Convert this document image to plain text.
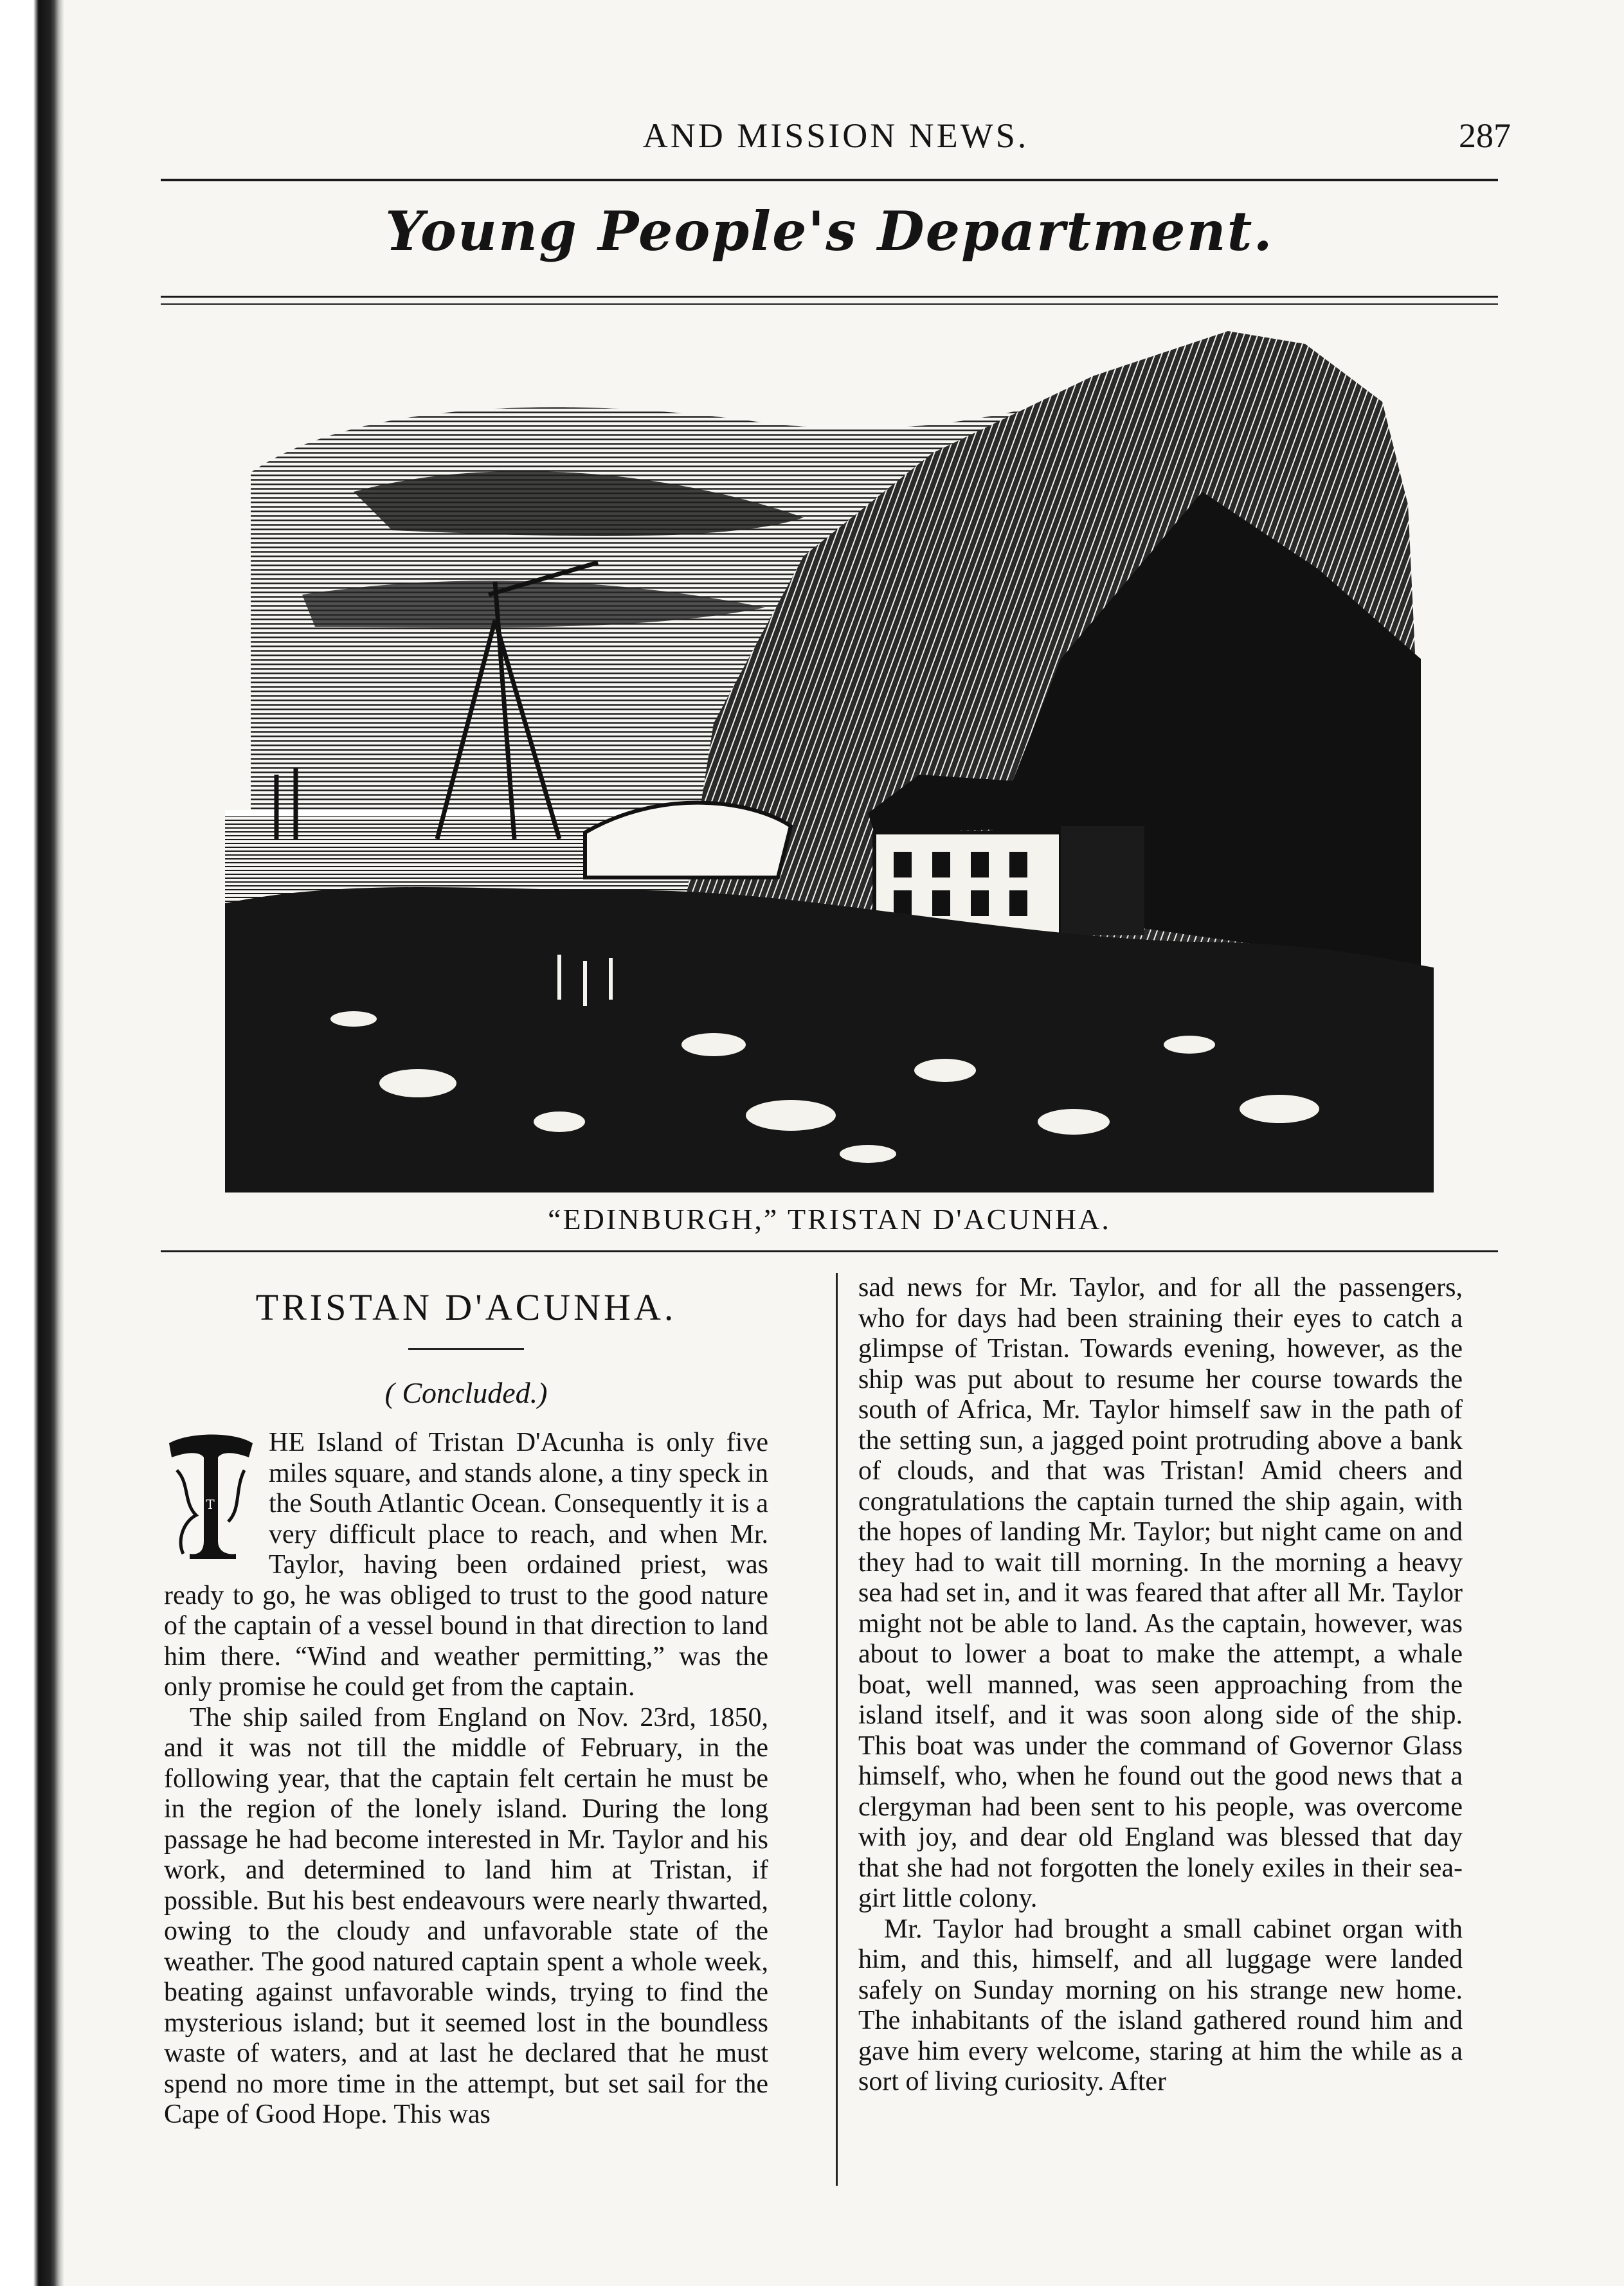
AND MISSION NEWS.	287
Young People's Department.
“EDINBURGH,” TRISTAN D'ACUNHA.
TRISTAN D'ACUNHA.
( Concluded.)
T

HE Island of Tristan D'Acunha is only five miles square, and stands alone, a tiny speck in the South Atlantic Ocean. Consequently it is a very difficult place to reach, and when Mr. Taylor, having been ordained priest, was ready to go, he was obliged to trust to the good nature of the captain of a vessel bound in that direction to land him there. “Wind and weather permitting,” was the only promise he could get from the captain.

The ship sailed from England on Nov. 23rd, 1850, and it was not till the middle of February, in the following year, that the captain felt certain he must be in the region of the lonely island. During the long passage he had become interested in Mr. Taylor and his work, and determined to land him at Tristan, if possible. But his best endeavours were nearly thwarted, owing to the cloudy and unfavorable state of the weather. The good natured captain spent a whole week, beating against unfavorable winds, trying to find the mysterious island; but it seemed lost in the boundless waste of waters, and at last he declared that he must spend no more time in the attempt, but set sail for the Cape of Good Hope. This was

sad news for Mr. Taylor, and for all the passengers, who for days had been straining their eyes to catch a glimpse of Tristan. Towards evening, however, as the ship was put about to resume her course towards the south of Africa, Mr. Taylor himself saw in the path of the setting sun, a jagged point protruding above a bank of clouds, and that was Tristan! Amid cheers and congratulations the captain turned the ship again, with the hopes of landing Mr. Taylor; but night came on and they had to wait till morning. In the morning a heavy sea had set in, and it was feared that after all Mr. Taylor might not be able to land. As the captain, however, was about to lower a boat to make the attempt, a whale boat, well manned, was seen approaching from the island itself, and it was soon along side of the ship. This boat was under the command of Governor Glass himself, who, when he found out the good news that a clergyman had been sent to his people, was overcome with joy, and dear old England was blessed that day that she had not forgotten the lonely exiles in their sea-girt little colony.

Mr. Taylor had brought a small cabinet organ with him, and this, himself, and all luggage were landed safely on Sunday morning on his strange new home. The inhabitants of the island gathered round him and gave him every welcome, staring at him the while as a sort of living curiosity. After
